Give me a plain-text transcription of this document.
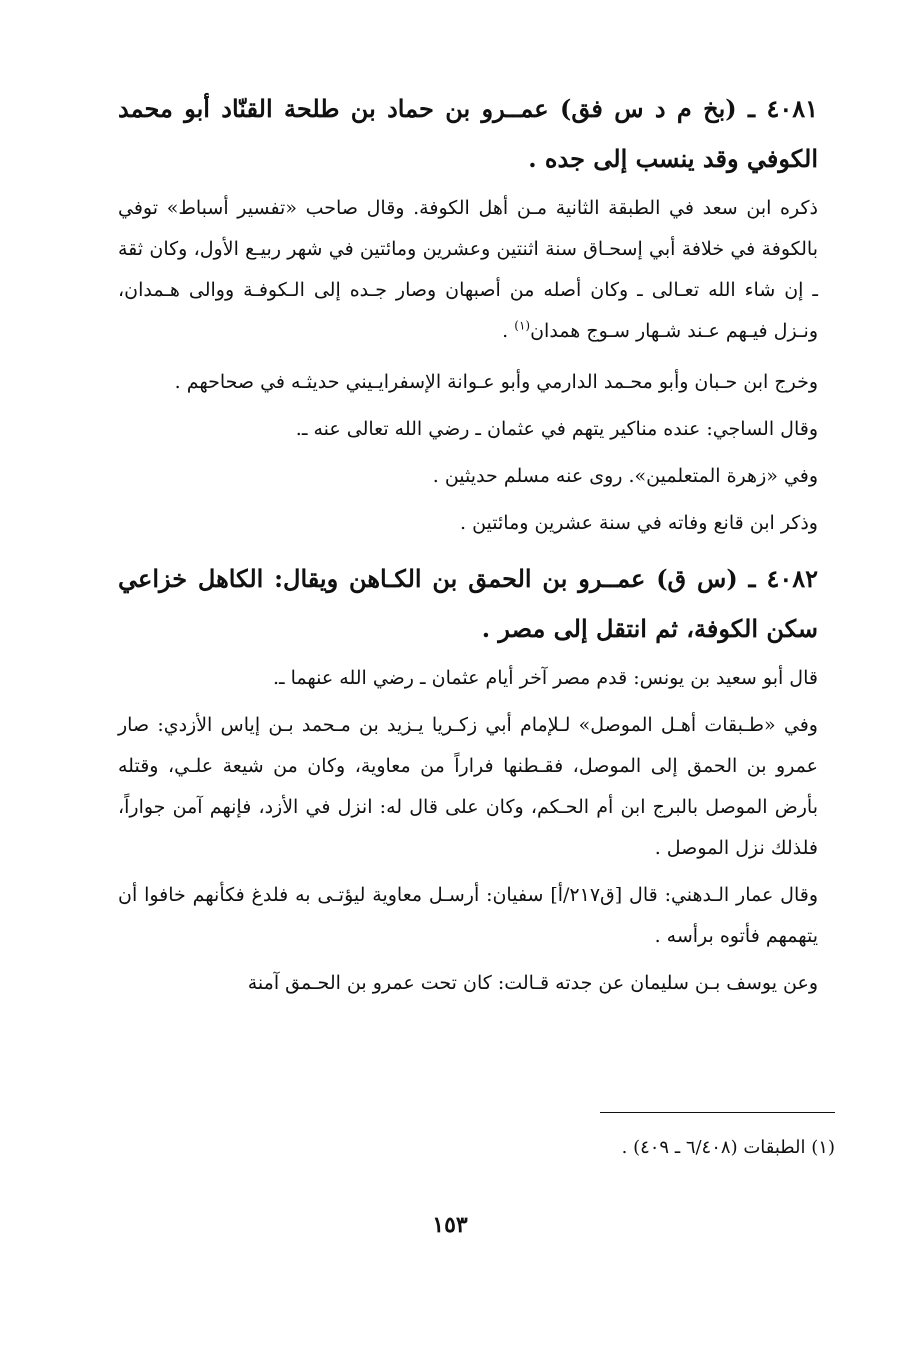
٤٠٨١ ـ (بخ م د س فق) عمــرو بن حماد بن طلحة القنّاد أبو محمد الكوفي وقد ينسب إلى جده .

ذكره ابن سعد في الطبقة الثانية مـن أهل الكوفة. وقال صاحب «تفسير أسباط» توفي بالكوفة في خلافة أبي إسحـاق سنة اثنتين وعشرين ومائتين في شهر ربيـع الأول، وكان ثقة ـ إن شاء الله تعـالى ـ وكان أصله من أصبهان وصار جـده إلى الـكوفـة ووالى هـمدان، ونـزل فيـهم عـند شـهار سـوج همدان$^{(١)}$ .

وخرج ابن حـبان وأبو محـمد الدارمي وأبو عـوانة الإسفرايـيني حديثـه في صحاحهم .

وقال الساجي: عنده مناكير يتهم في عثمان ـ رضي الله تعالى عنه ـ.

وفي «زهرة المتعلمين». روى عنه مسلم حديثين .

وذكر ابن قانع وفاته في سنة عشرين ومائتين .

٤٠٨٢ ـ (س ق) عمــرو بن الحمق بن الكـاهن ويقال: الكاهل خزاعي سكن الكوفة، ثم انتقل إلى مصر .

قال أبو سعيد بن يونس: قدم مصر آخر أيام عثمان ـ رضي الله عنهما ـ.

وفي «طـبقات أهـل الموصل» لـلإمام أبي زكـريا يـزيد بن مـحمد بـن إياس الأزدي: صار عمرو بن الحمق إلى الموصل، فقـطنها فراراً من معاوية، وكان من شيعة علـي، وقتله بأرض الموصل بالبرج ابن أم الحـكم، وكان على قال له: انزل في الأزد، فإنهم آمن جواراً، فلذلك نزل الموصل .

وقال عمار الـدهني: قال [ق٢١٧/أ] سفيان: أرسـل معاوية ليؤتـى به فلدغ فكأنهم خافوا أن يتهمهم فأتوه برأسه .

وعن يوسف بـن سليمان عن جدته قـالت: كان تحت عمرو بن الحـمق آمنة

(١) الطبقات (٦/٤٠٨ ـ ٤٠٩) .
١٥٣
